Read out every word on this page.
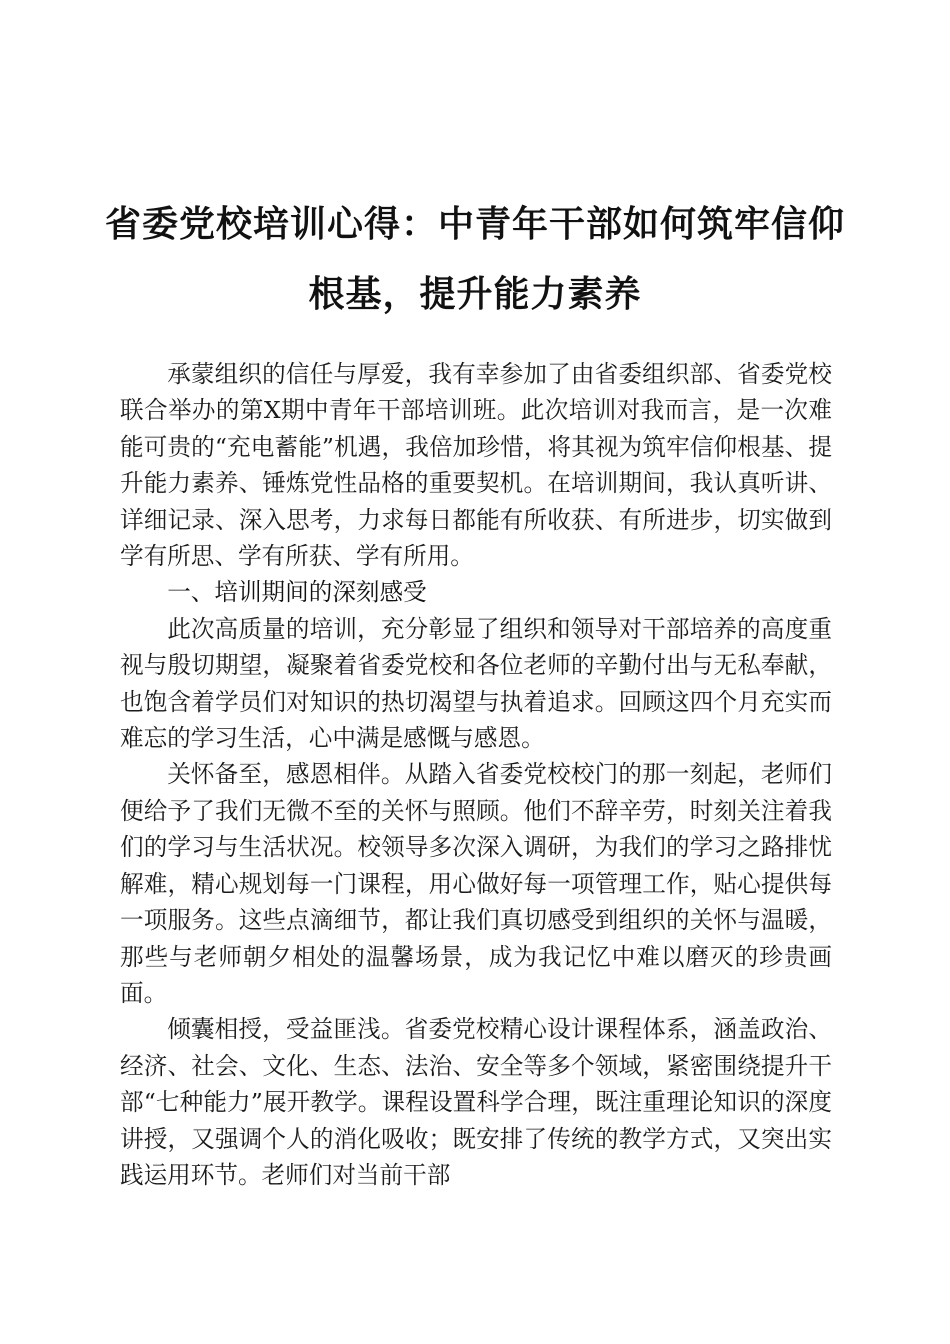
省委党校培训心得：中青年干部如何筑牢信仰
根基，提升能力素养

承蒙组织的信任与厚爱，我有幸参加了由省委组织部、省委党校联合举办的第X期中青年干部培训班。此次培训对我而言，是一次难能可贵的“充电蓄能”机遇，我倍加珍惜，将其视为筑牢信仰根基、提升能力素养、锤炼党性品格的重要契机。在培训期间，我认真听讲、详细记录、深入思考，力求每日都能有所收获、有所进步，切实做到学有所思、学有所获、学有所用。

一、培训期间的深刻感受

此次高质量的培训，充分彰显了组织和领导对干部培养的高度重视与殷切期望，凝聚着省委党校和各位老师的辛勤付出与无私奉献，也饱含着学员们对知识的热切渴望与执着追求。回顾这四个月充实而难忘的学习生活，心中满是感慨与感恩。

关怀备至，感恩相伴。从踏入省委党校校门的那一刻起，老师们便给予了我们无微不至的关怀与照顾。他们不辞辛劳，时刻关注着我们的学习与生活状况。校领导多次深入调研，为我们的学习之路排忧解难，精心规划每一门课程，用心做好每一项管理工作，贴心提供每一项服务。这些点滴细节，都让我们真切感受到组织的关怀与温暖，那些与老师朝夕相处的温馨场景，成为我记忆中难以磨灭的珍贵画面。

倾囊相授，受益匪浅。省委党校精心设计课程体系，涵盖政治、经济、社会、文化、生态、法治、安全等多个领域，紧密围绕提升干部“七种能力”展开教学。课程设置科学合理，既注重理论知识的深度讲授，又强调个人的消化吸收；既安排了传统的教学方式，又突出实践运用环节。老师们对当前干部
